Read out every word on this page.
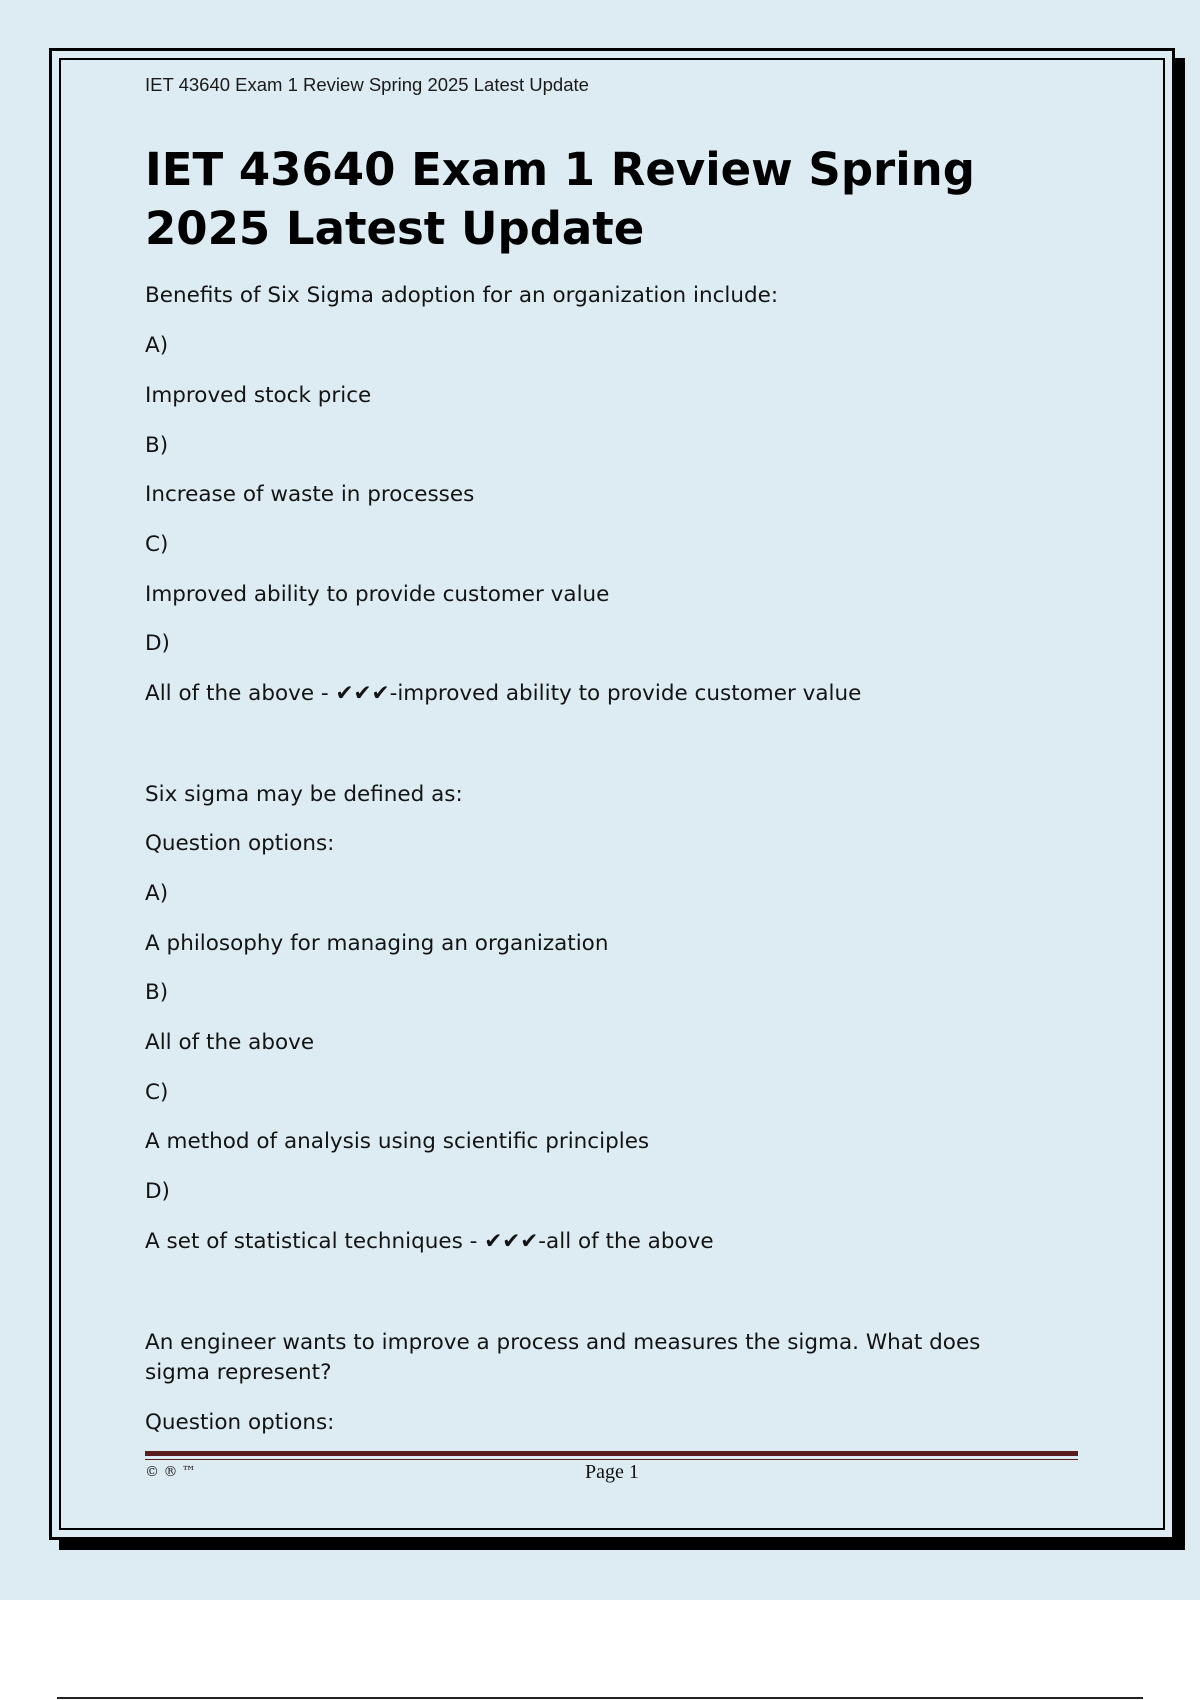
IET 43640 Exam 1 Review Spring 2025 Latest Update
IET 43640 Exam 1 Review Spring 2025 Latest Update

Benefits of Six Sigma adoption for an organization include:

A)

Improved stock price

B)

Increase of waste in processes

C)

Improved ability to provide customer value

D)

All of the above - ✔✔✔-improved ability to provide customer value

Six sigma may be defined as:

Question options:

A)

A philosophy for managing an organization

B)

All of the above

C)

A method of analysis using scientific principles

D)

A set of statistical techniques - ✔✔✔-all of the above

An engineer wants to improve a process and measures the sigma. What does sigma represent?

Question options:

© ® ™	Page 1
